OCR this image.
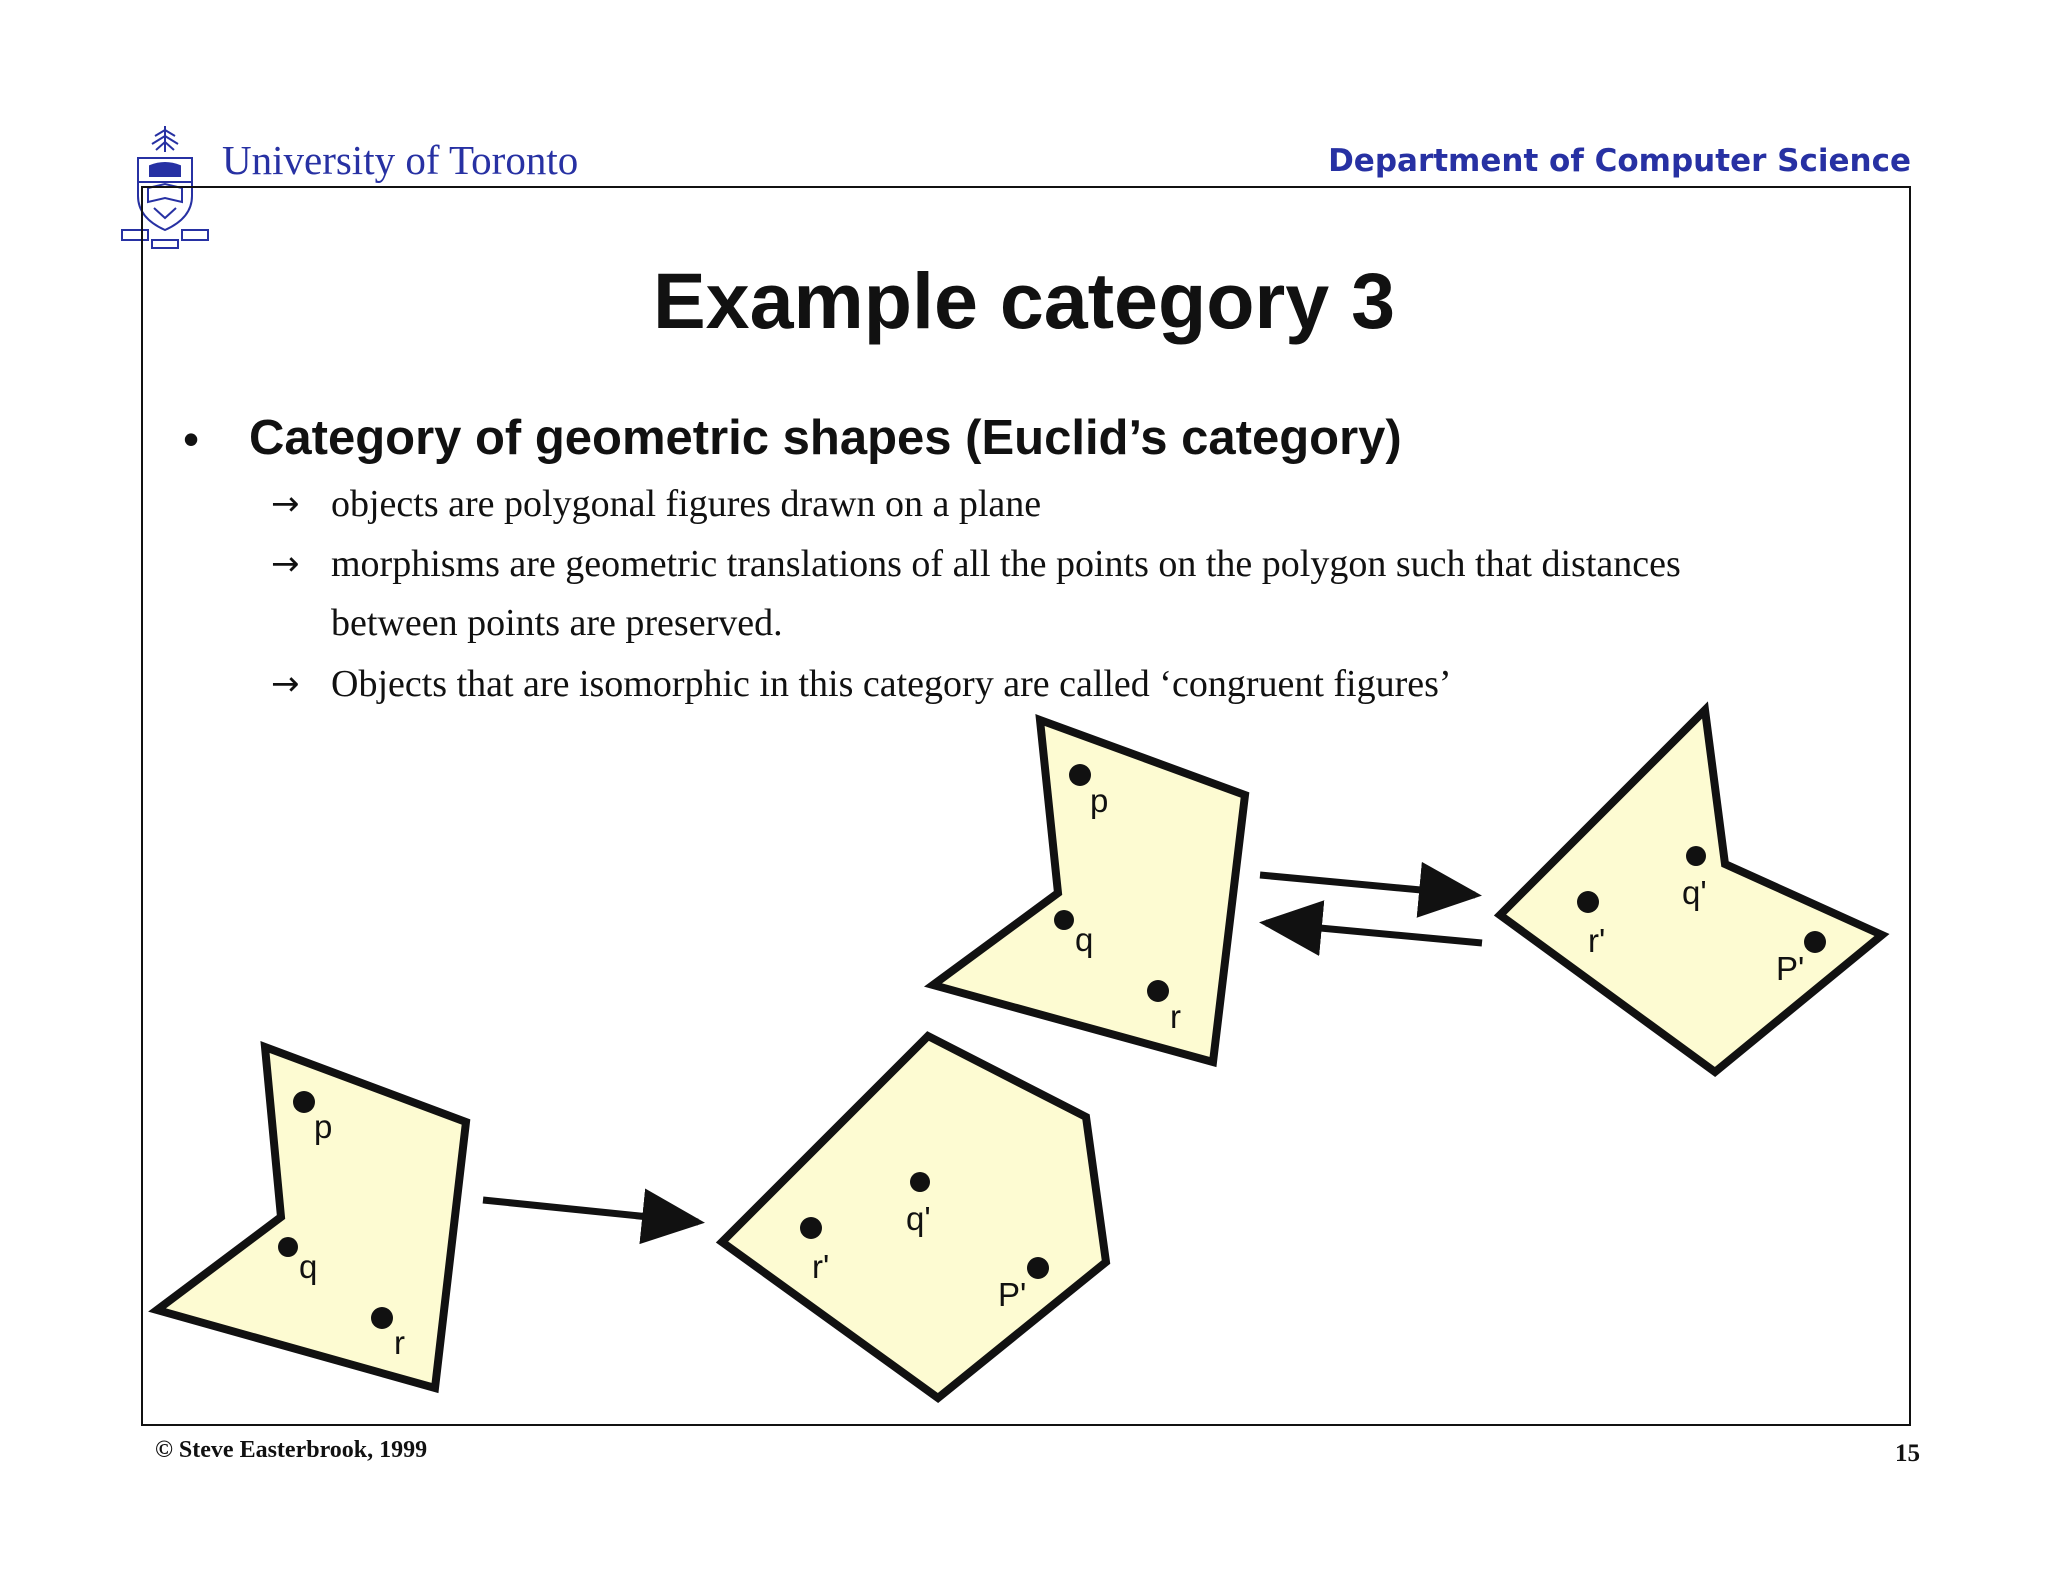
University of Toronto	Department of Computer Science
Example category 3
• Category of geometric shapes (Euclid’s category)
→ objects are polygonal figures drawn on a plane
→ morphisms are geometric translations of all the points on the polygon such that distances
between points are preserved.
→ Objects that are isomorphic in this category are called ‘congruent figures’
p
q
r
q'
r'
P'
p
q
r
q'
r'
P'
© Steve Easterbrook, 1999	15
